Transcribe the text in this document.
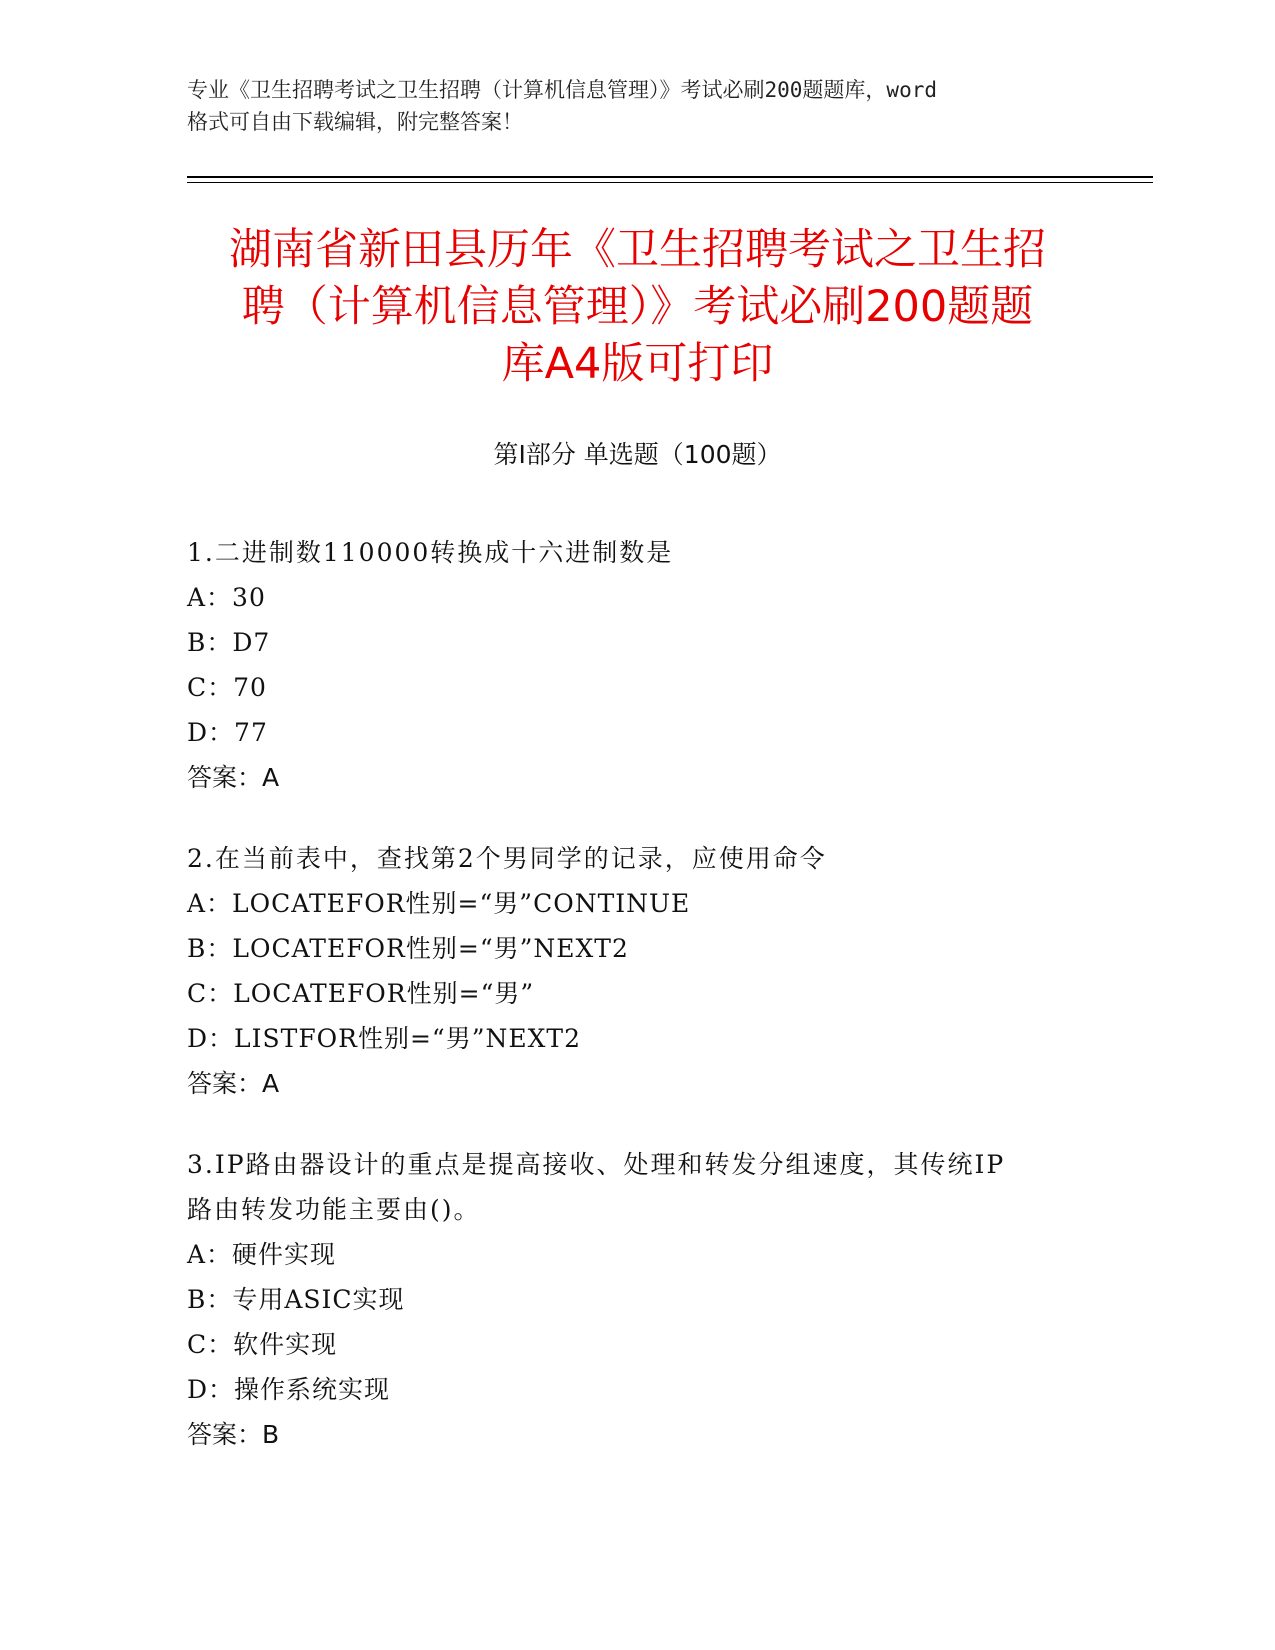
专业《卫生招聘考试之卫生招聘（计算机信息管理）》考试必刷200题题库，word
格式可自由下载编辑，附完整答案！
湖南省新田县历年《卫生招聘考试之卫生招
聘（计算机信息管理）》考试必刷200题题
库A4版可打印
第Ⅰ部分 单选题（100题）
1.二进制数110000转换成十六进制数是
A：30
B：D7
C：70
D：77
答案：A
2.在当前表中，查找第2个男同学的记录，应使用命令
A：LOCATEFOR性别=“男”CONTINUE
B：LOCATEFOR性别=“男”NEXT2
C：LOCATEFOR性别=“男”
D：LISTFOR性别=“男”NEXT2
答案：A
3.IP路由器设计的重点是提高接收、处理和转发分组速度，其传统IP
路由转发功能主要由()。
A：硬件实现
B：专用ASIC实现
C：软件实现
D：操作系统实现
答案：B
